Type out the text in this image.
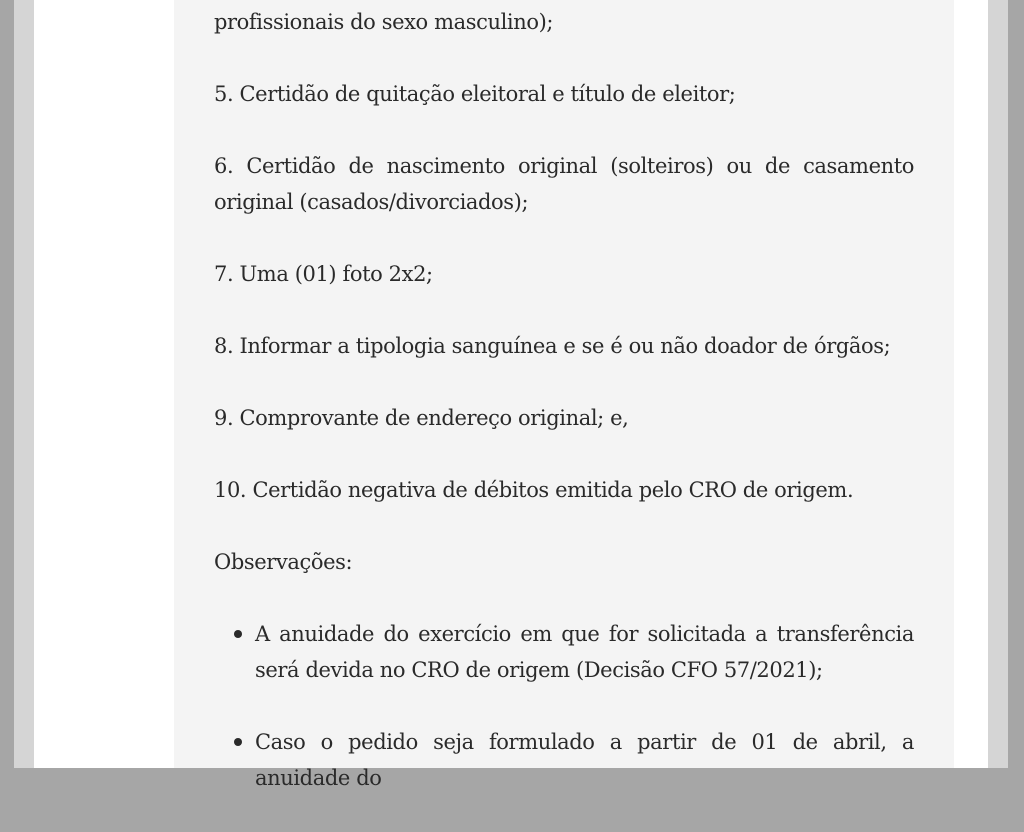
profissionais do sexo masculino);

5. Certidão de quitação eleitoral e título de eleitor;

6. Certidão de nascimento original (solteiros) ou de casamento original (casados/divorciados);

7. Uma (01) foto 2x2;

8. Informar a tipologia sanguínea e se é ou não doador de órgãos;

9. Comprovante de endereço original; e,

10. Certidão negativa de débitos emitida pelo CRO de origem.

Observações:

A anuidade do exercício em que for solicitada a transferência será devida no CRO de origem (Decisão CFO 57/2021);
Caso o pedido seja formulado a partir de 01 de abril, a anuidade do
